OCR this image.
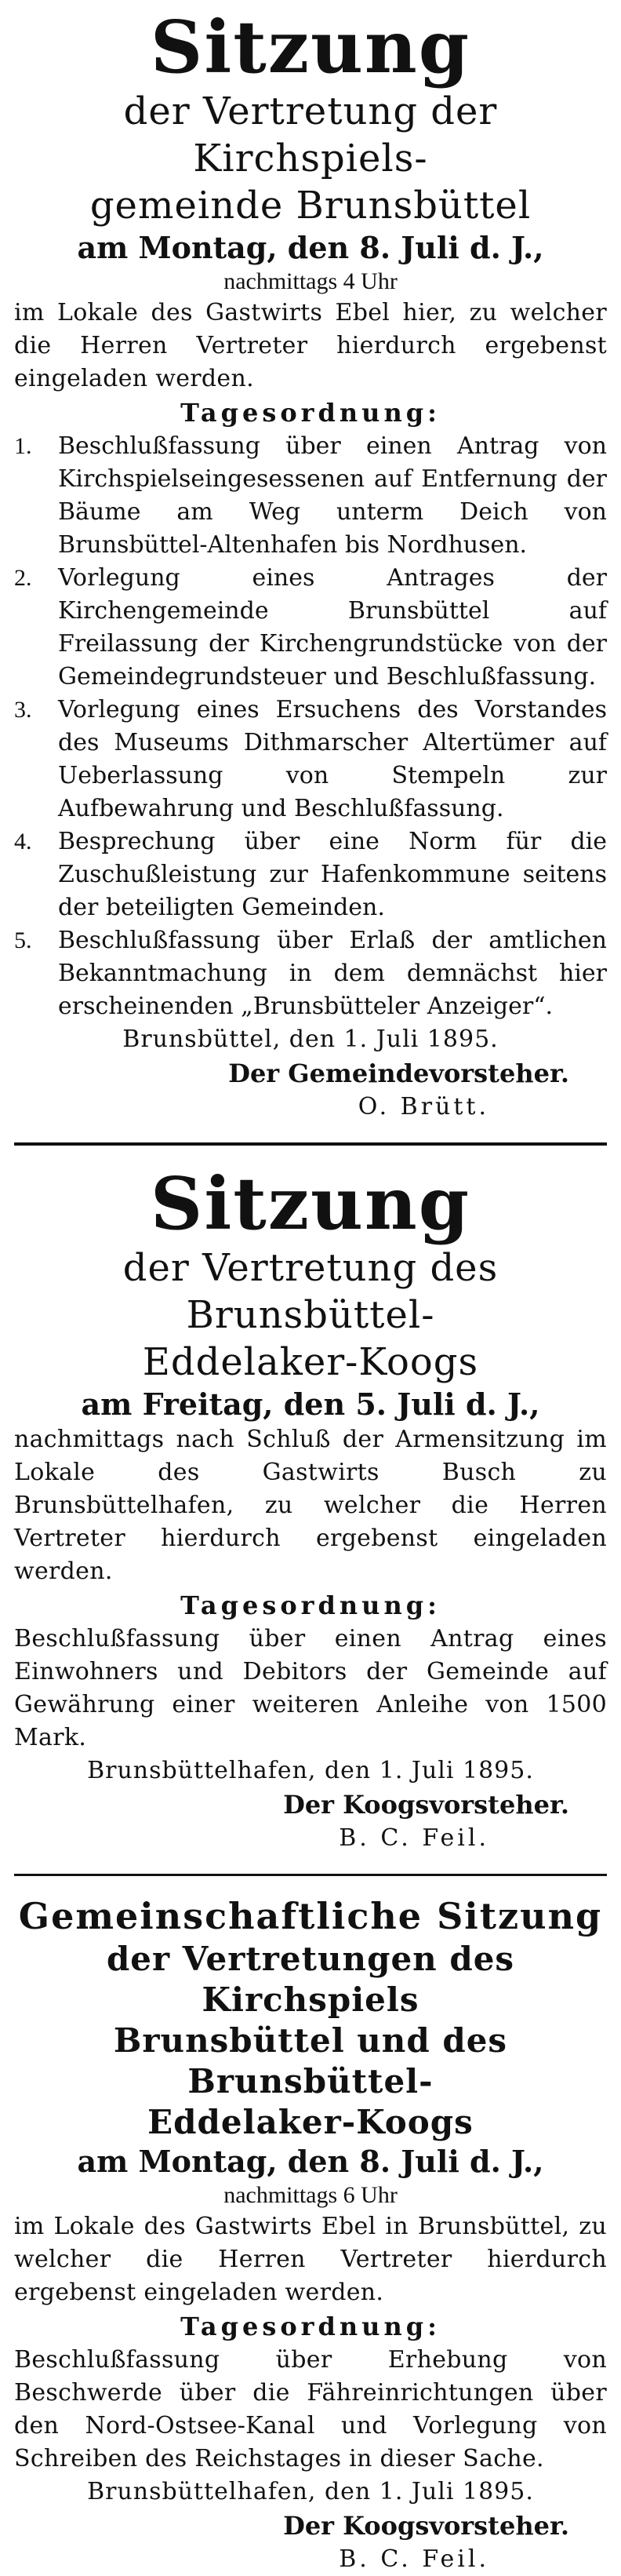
Sitzung
der Vertretung der Kirchspiels-
gemeinde Brunsbüttel
am Montag, den 8. Juli d. J.,
nachmittags 4 Uhr
im Lokale des Gastwirts Ebel hier, zu welcher die Herren Vertreter hierdurch ergebenst eingeladen werden.
Tagesordnung:
1.	Beschlußfassung über einen Antrag von Kirchspielseingesessenen auf Entfernung der Bäume am Weg unterm Deich von Brunsbüttel-Altenhafen bis Nordhusen.
2.	Vorlegung eines Antrages der Kirchengemeinde Brunsbüttel auf Freilassung der Kirchengrundstücke von der Gemeindegrundsteuer und Beschlußfassung.
3.	Vorlegung eines Ersuchens des Vorstandes des Museums Dithmarscher Altertümer auf Ueberlassung von Stempeln zur Aufbewahrung und Beschlußfassung.
4.	Besprechung über eine Norm für die Zuschußleistung zur Hafenkommune seitens der beteiligten Gemeinden.
5.	Beschlußfassung über Erlaß der amtlichen Bekanntmachung in dem demnächst hier erscheinenden „Brunsbütteler Anzeiger“.
Brunsbüttel, den 1. Juli 1895.
Der Gemeindevorsteher.
O. Brütt.
Sitzung
der Vertretung des Brunsbüttel-
Eddelaker-Koogs
am Freitag, den 5. Juli d. J.,
nachmittags nach Schluß der Armensitzung im Lokale des Gastwirts Busch zu Brunsbüttelhafen, zu welcher die Herren Vertreter hierdurch ergebenst eingeladen werden.
Tagesordnung:
Beschlußfassung über einen Antrag eines Einwohners und Debitors der Gemeinde auf Gewährung einer weiteren Anleihe von 1500 Mark.
Brunsbüttelhafen, den 1. Juli 1895.
Der Koogsvorsteher.
B. C. Feil.
Gemeinschaftliche Sitzung
der Vertretungen des Kirchspiels
Brunsbüttel und des Brunsbüttel-
Eddelaker-Koogs
am Montag, den 8. Juli d. J.,
nachmittags 6 Uhr
im Lokale des Gastwirts Ebel in Brunsbüttel, zu welcher die Herren Vertreter hierdurch ergebenst eingeladen werden.
Tagesordnung:
Beschlußfassung über Erhebung von Beschwerde über die Fähreinrichtungen über den Nord-Ostsee-Kanal und Vorlegung von Schreiben des Reichstages in dieser Sache.
Brunsbüttelhafen, den 1. Juli 1895.
Der Koogsvorsteher.
B. C. Feil.
